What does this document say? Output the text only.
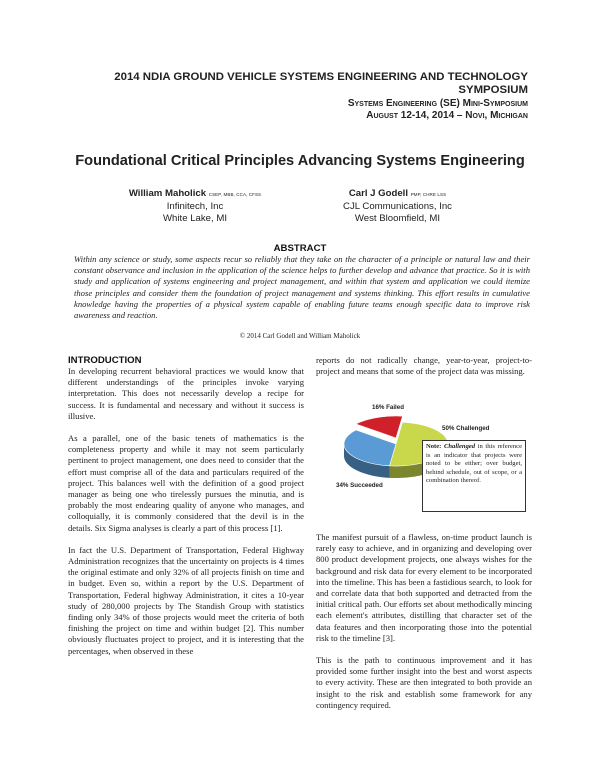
2014 NDIA GROUND VEHICLE SYSTEMS ENGINEERING AND TECHNOLOGY
SYMPOSIUM
Systems Engineering (SE) Mini-Symposium
August 12-14, 2014 – Novi, Michigan
Foundational Critical Principles Advancing Systems Engineering
William Maholick CSEP, MBB, CCA, CFSS
Infinitech, Inc
White Lake, MI
Carl J Godell PMP, CHRE LSS
CJL Communications, Inc
West Bloomfield, MI
ABSTRACT
Within any science or study, some aspects recur so reliably that they take on the character of a principle or natural law and their constant observance and inclusion in the application of the science helps to further develop and advance that practice. So it is with study and application of systems engineering and project management, and within that system and application we could itemize those principles and consider them the foundation of project management and systems thinking. This effort results in cumulative knowledge having the properties of a physical system capable of enabling future teams enough specific data to improve risk awareness and reaction.
© 2014 Carl Godell and William Maholick
INTRODUCTION

In developing recurrent behavioral practices we would know that different understandings of the principles invoke varying interpretation. This does not necessarily develop a recipe for success. It is fundamental and necessary and without it success is illusive.

As a parallel, one of the basic tenets of mathematics is the completeness property and while it may not seem particularly pertinent to project management, one does need to consider that the effort must comprise all of the data and particulars required of the project. This balances well with the definition of a good project manager as being one who tirelessly pursues the minutia, and is probably the most endearing quality of anyone who manages, and colloquially, it is commonly considered that the devil is in the details. Six Sigma analyses is clearly a part of this process [1].

In fact the U.S. Department of Transportation, Federal Highway Administration recognizes that the uncertainty on projects is 4 times the original estimate and only 32% of all projects finish on time and in budget. Even so, within a report by the U.S. Department of Transportation, Federal highway Administration, it cites a 10-year study of 280,000 projects by The Standish Group with statistics finding only 34% of those projects would meet the criteria of both finishing the project on time and within budget [2]. This number obviously fluctuates project to project, and it is interesting that the percentages, when observed in these

reports do not radically change, year-to-year, project-to-project and means that some of the project data was missing.

16% Failed
50% Challenged
34% Succeeded
Note: Challenged in this reference is an indicator that projects were noted to be either; over budget, behind schedule, out of scope, or a combination thereof.

The manifest pursuit of a flawless, on-time product launch is rarely easy to achieve, and in organizing and developing over 800 product development projects, one always wishes for the background and risk data for every element to be incorporated into the timeline. This has been a fastidious search, to look for and correlate data that both supported and detracted from the initial critical path. Our efforts set about methodically mincing each element's attributes, distilling that character set of the data features and then incorporating those into the potential risk to the timeline [3].

This is the path to continuous improvement and it has provided some further insight into the best and worst aspects to every activity. These are then integrated to both provide an insight to the risk and establish some framework for any contingency required.
